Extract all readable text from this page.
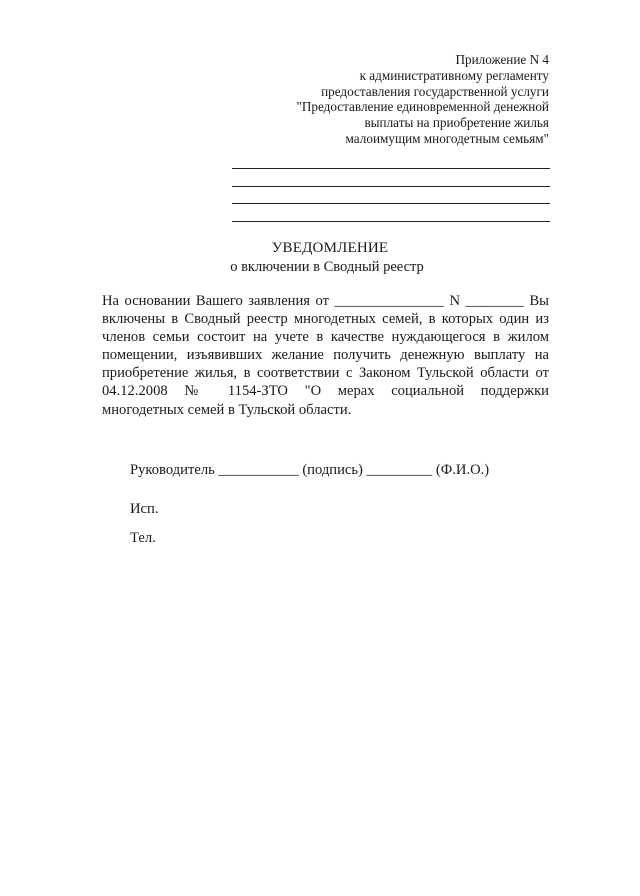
Приложение N 4
к административному регламенту
предоставления государственной услуги
"Предоставление единовременной денежной
выплаты на приобретение жилья
малоимущим многодетным семьям"
УВЕДОМЛЕНИЕ
о включении в Сводный реестр
На основании Вашего заявления от _______________ N ________ Вы
включены в Сводный реестр многодетных семей, в которых один из
членов семьи состоит на учете в качестве нуждающегося в жилом
помещении, изъявивших желание получить денежную выплату на
приобретение жилья, в соответствии с Законом Тульской области от
04.12.2008 № 1154-ЗТО "О мерах социальной поддержки
многодетных семей в Тульской области.
Руководитель ___________ (подпись) _________ (Ф.И.О.)
Исп.
Тел.
